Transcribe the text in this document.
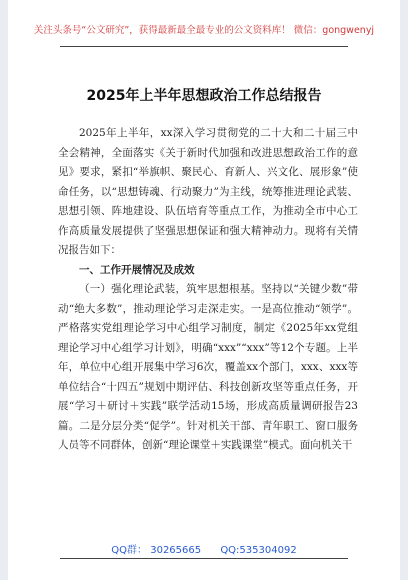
关注头条号“公文研究”，获得最新最全最专业的公文资料库！ 微信：gongwenyj
2025年上半年思想政治工作总结报告

2025年上半年，xx深入学习贯彻党的二十大和二十届三中全会精神，全面落实《关于新时代加强和改进思想政治工作的意见》要求，紧扣“举旗帜、聚民心、育新人、兴文化、展形象”使命任务，以“思想铸魂、行动聚力”为主线，统筹推进理论武装、思想引领、阵地建设、队伍培育等重点工作，为推动全市中心工作高质量发展提供了坚强思想保证和强大精神动力。现将有关情况报告如下：

一、工作开展情况及成效

（一）强化理论武装，筑牢思想根基。坚持以“关键少数”带动“绝大多数”，推动理论学习走深走实。一是高位推动“领学”。严格落实党组理论学习中心组学习制度，制定《2025年xx党组理论学习中心组学习计划》，明确“xxx”“xxx”等12个专题。上半年，单位中心组开展集中学习6次，覆盖xx个部门，xxx、xxx等单位结合“十四五”规划中期评估、科技创新攻坚等重点任务，开展“学习＋研讨＋实践”联学活动15场，形成高质量调研报告23篇。二是分层分类“促学”。针对机关干部、青年职工、窗口服务人员等不同群体，创新“理论课堂＋实践课堂”模式。面向机关干

QQ群： 30265665 QQ:535304092
